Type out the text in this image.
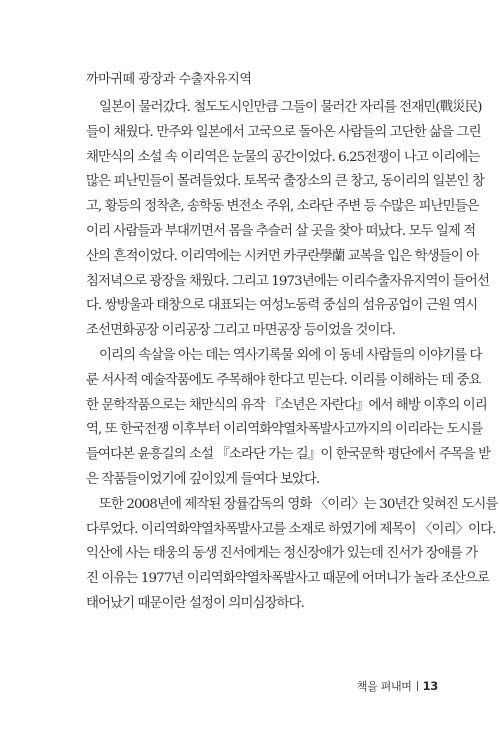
까마귀떼 광장과 수출자유지역
일본이 물러갔다. 철도도시인만큼 그들이 물러간 자리를 전재민(戰災民)
들이 채웠다. 만주와 일본에서 고국으로 돌아온 사람들의 고단한 삶을 그린
채만식의 소설 속 이리역은 눈물의 공간이었다. 6.25전쟁이 나고 이리에는
많은 피난민들이 몰려들었다. 토목국 출장소의 큰 창고, 동이리의 일본인 창
고, 황등의 정착촌, 송학동 변전소 주위, 소라단 주변 등 수많은 피난민들은
이리 사람들과 부대끼면서 몸을 추슬러 살 곳을 찾아 떠났다. 모두 일제 적
산의 흔적이었다. 이리역에는 시커먼 카쿠란學蘭 교복을 입은 학생들이 아
침저녁으로 광장을 채웠다. 그리고 1973년에는 이리수출자유지역이 들어선
다. 쌍방울과 태창으로 대표되는 여성노동력 중심의 섬유공업이 근원 역시
조선면화공장 이리공장 그리고 마면공장 등이었을 것이다.
이리의 속살을 아는 데는 역사기록물 외에 이 동네 사람들의 이야기를 다
룬 서사적 예술작품에도 주목해야 한다고 믿는다. 이리를 이해하는 데 중요
한 문학작품으로는 채만식의 유작 『소년은 자란다』에서 해방 이후의 이리
역, 또 한국전쟁 이후부터 이리역화약열차폭발사고까지의 이리라는 도시를
들여다본 윤흥길의 소설 『소라단 가는 길』이 한국문학 평단에서 주목을 받
은 작품들이었기에 깊이있게 들여다 보았다.
또한 2008년에 제작된 장률감독의 영화 〈이리〉는 30년간 잊혀진 도시를
다루었다. 이리역화약열차폭발사고를 소재로 하였기에 제목이 〈이리〉이다.
익산에 사는 태웅의 동생 진서에게는 정신장애가 있는데 진서가 장애를 가
진 이유는 1977년 이리역화약열차폭발사고 때문에 어머니가 놀라 조산으로
태어났기 때문이란 설정이 의미심장하다.
책을 펴내며 13
